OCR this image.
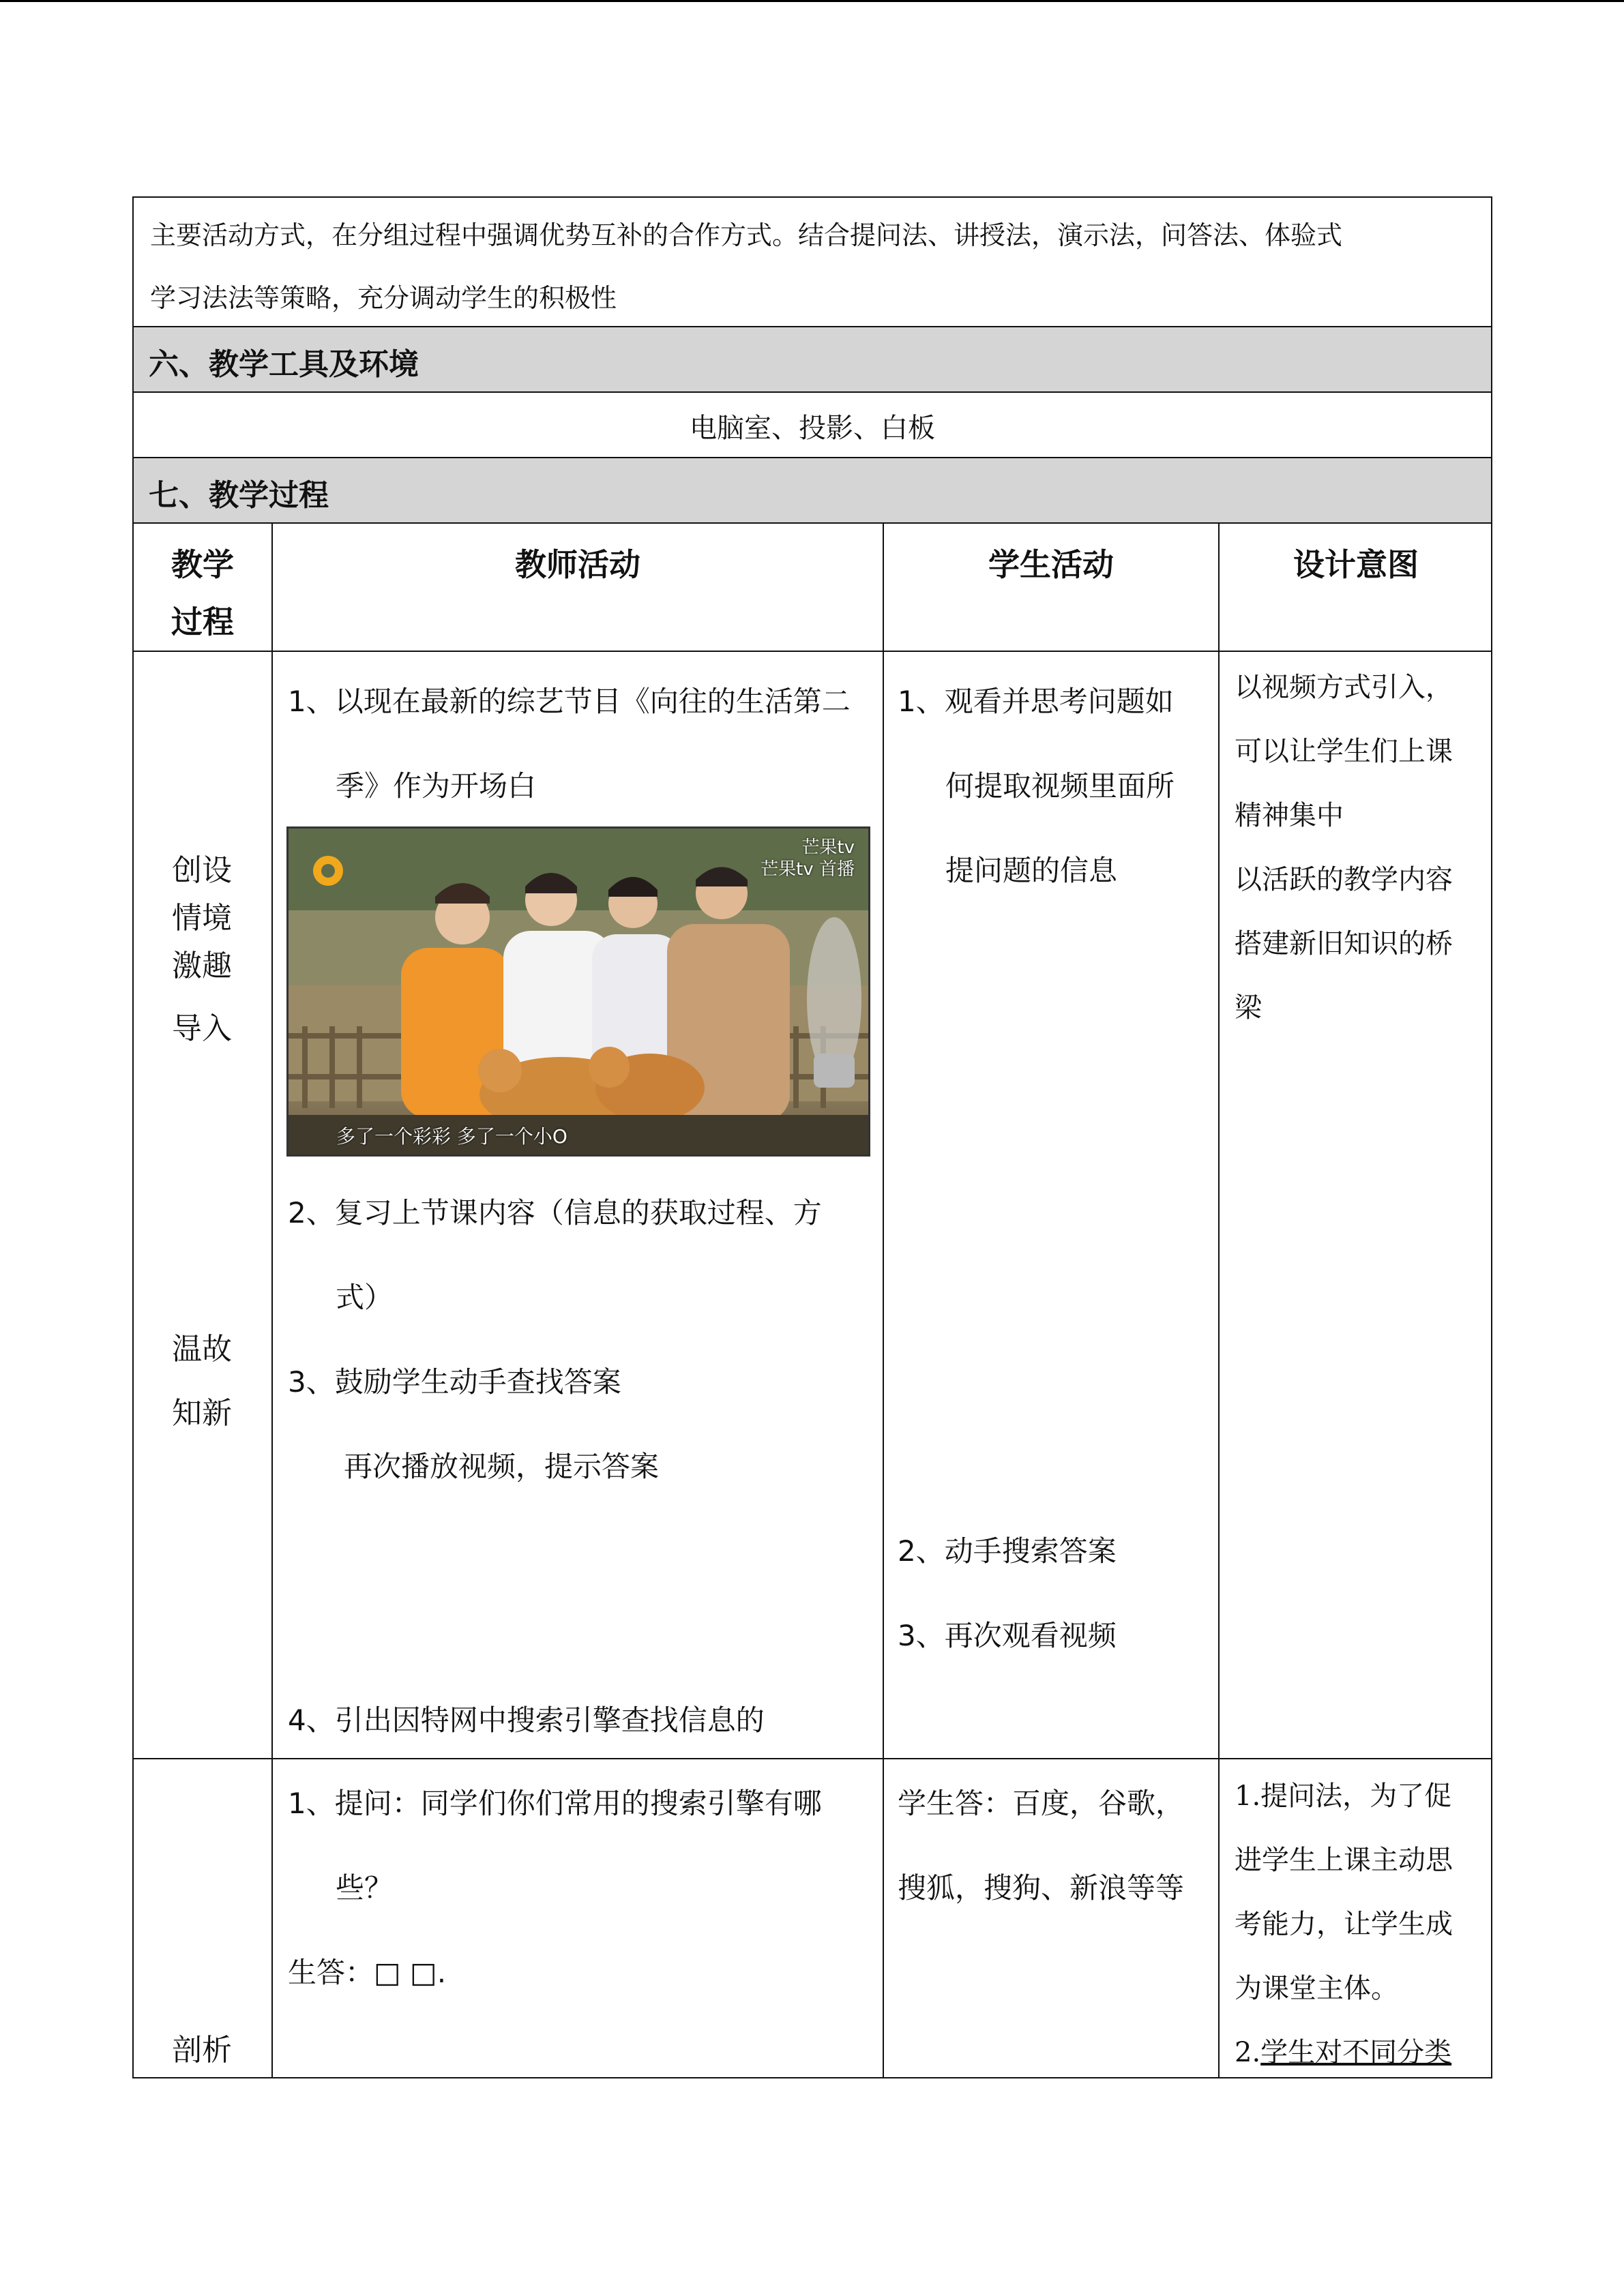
主要活动方式，在分组过程中强调优势互补的合作方式。结合提问法、讲授法，演示法，问答法、体验式
学习法法等策略，充分调动学生的积极性
六、教学工具及环境
电脑室、投影、白板
七、教学过程
教学
过程
教师活动	学生活动	设计意图
创设
情境
激趣
导入
温故
知新
1、以现在最新的综艺节目《向往的生活第二
季》作为开场白
2、复习上节课内容（信息的获取过程、方
式）
3、鼓励学生动手查找答案
再次播放视频，提示答案
4、引出因特网中搜索引擎查找信息的
1、观看并思考问题如
何提取视频里面所
提问题的信息
2、动手搜索答案
3、再次观看视频
以视频方式引入，
可以让学生们上课
精神集中
以活跃的教学内容
搭建新旧知识的桥
梁
剖析
1、提问：同学们你们常用的搜索引擎有哪
些？
生答：□ □.
学生答：百度，谷歌，
搜狐，搜狗、新浪等等
1.提问法，为了促
进学生上课主动思
考能力，让学生成
为课堂主体。
2.学生对不同分类
芒果tv
芒果tv 首播
多了一个彩彩 多了一个小O
